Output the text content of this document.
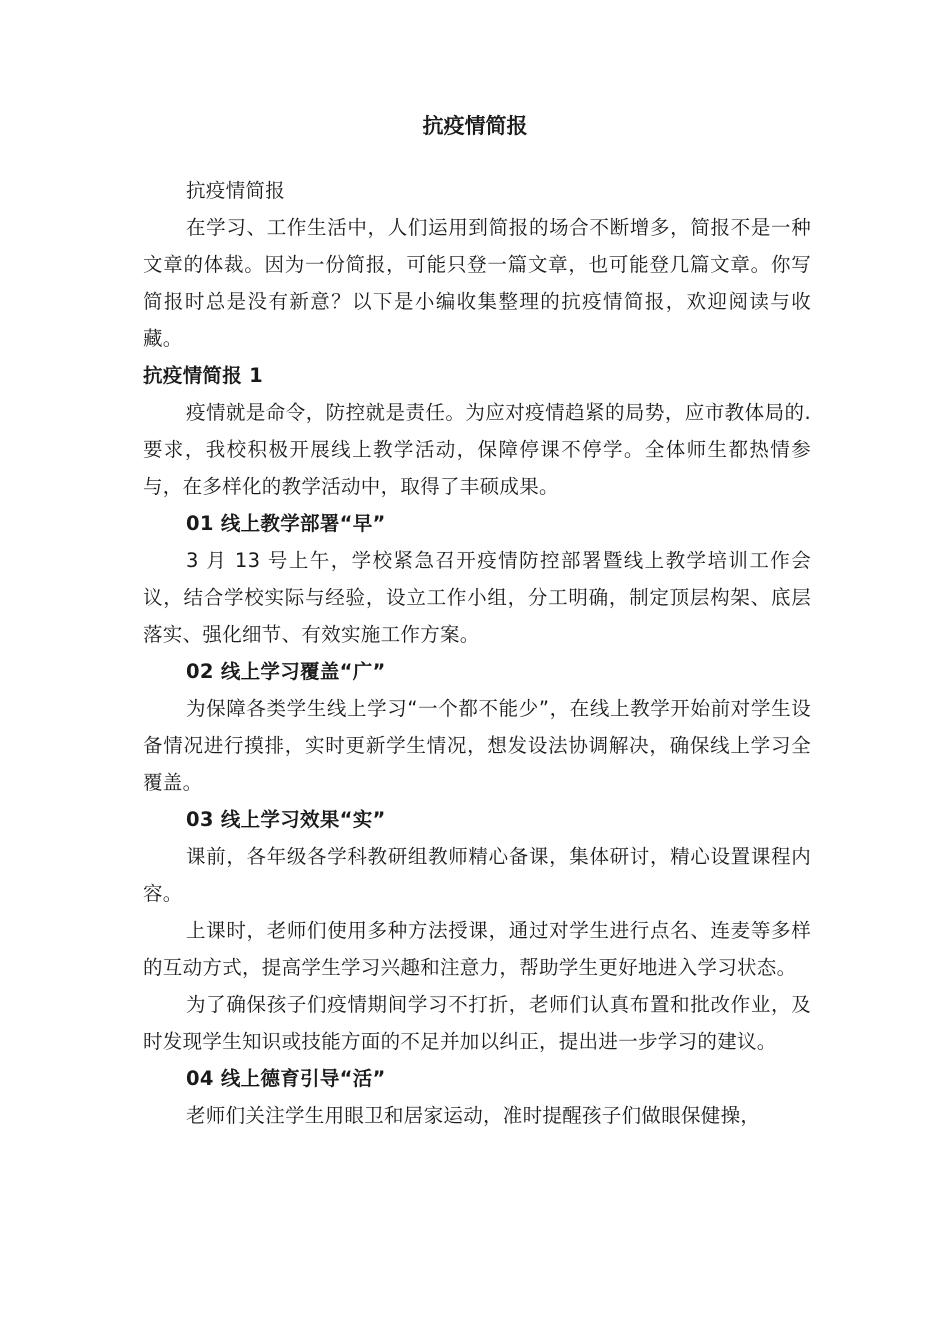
抗疫情简报

抗疫情简报

在学习、工作生活中，人们运用到简报的场合不断增多，简报不是一种文章的体裁。因为一份简报，可能只登一篇文章，也可能登几篇文章。你写简报时总是没有新意？以下是小编收集整理的抗疫情简报，欢迎阅读与收藏。

抗疫情简报 1

疫情就是命令，防控就是责任。为应对疫情趋紧的局势，应市教体局的.要求，我校积极开展线上教学活动，保障停课不停学。全体师生都热情参与，在多样化的教学活动中，取得了丰硕成果。

01 线上教学部署“早”

3 月 13 号上午，学校紧急召开疫情防控部署暨线上教学培训工作会议，结合学校实际与经验，设立工作小组，分工明确，制定顶层构架、底层落实、强化细节、有效实施工作方案。

02 线上学习覆盖“广”

为保障各类学生线上学习“一个都不能少”，在线上教学开始前对学生设备情况进行摸排，实时更新学生情况，想发设法协调解决，确保线上学习全覆盖。

03 线上学习效果“实”

课前，各年级各学科教研组教师精心备课，集体研讨，精心设置课程内容。

上课时，老师们使用多种方法授课，通过对学生进行点名、连麦等多样的互动方式，提高学生学习兴趣和注意力，帮助学生更好地进入学习状态。

为了确保孩子们疫情期间学习不打折，老师们认真布置和批改作业，及时发现学生知识或技能方面的不足并加以纠正，提出进一步学习的建议。

04 线上德育引导“活”

老师们关注学生用眼卫和居家运动，准时提醒孩子们做眼保健操，
